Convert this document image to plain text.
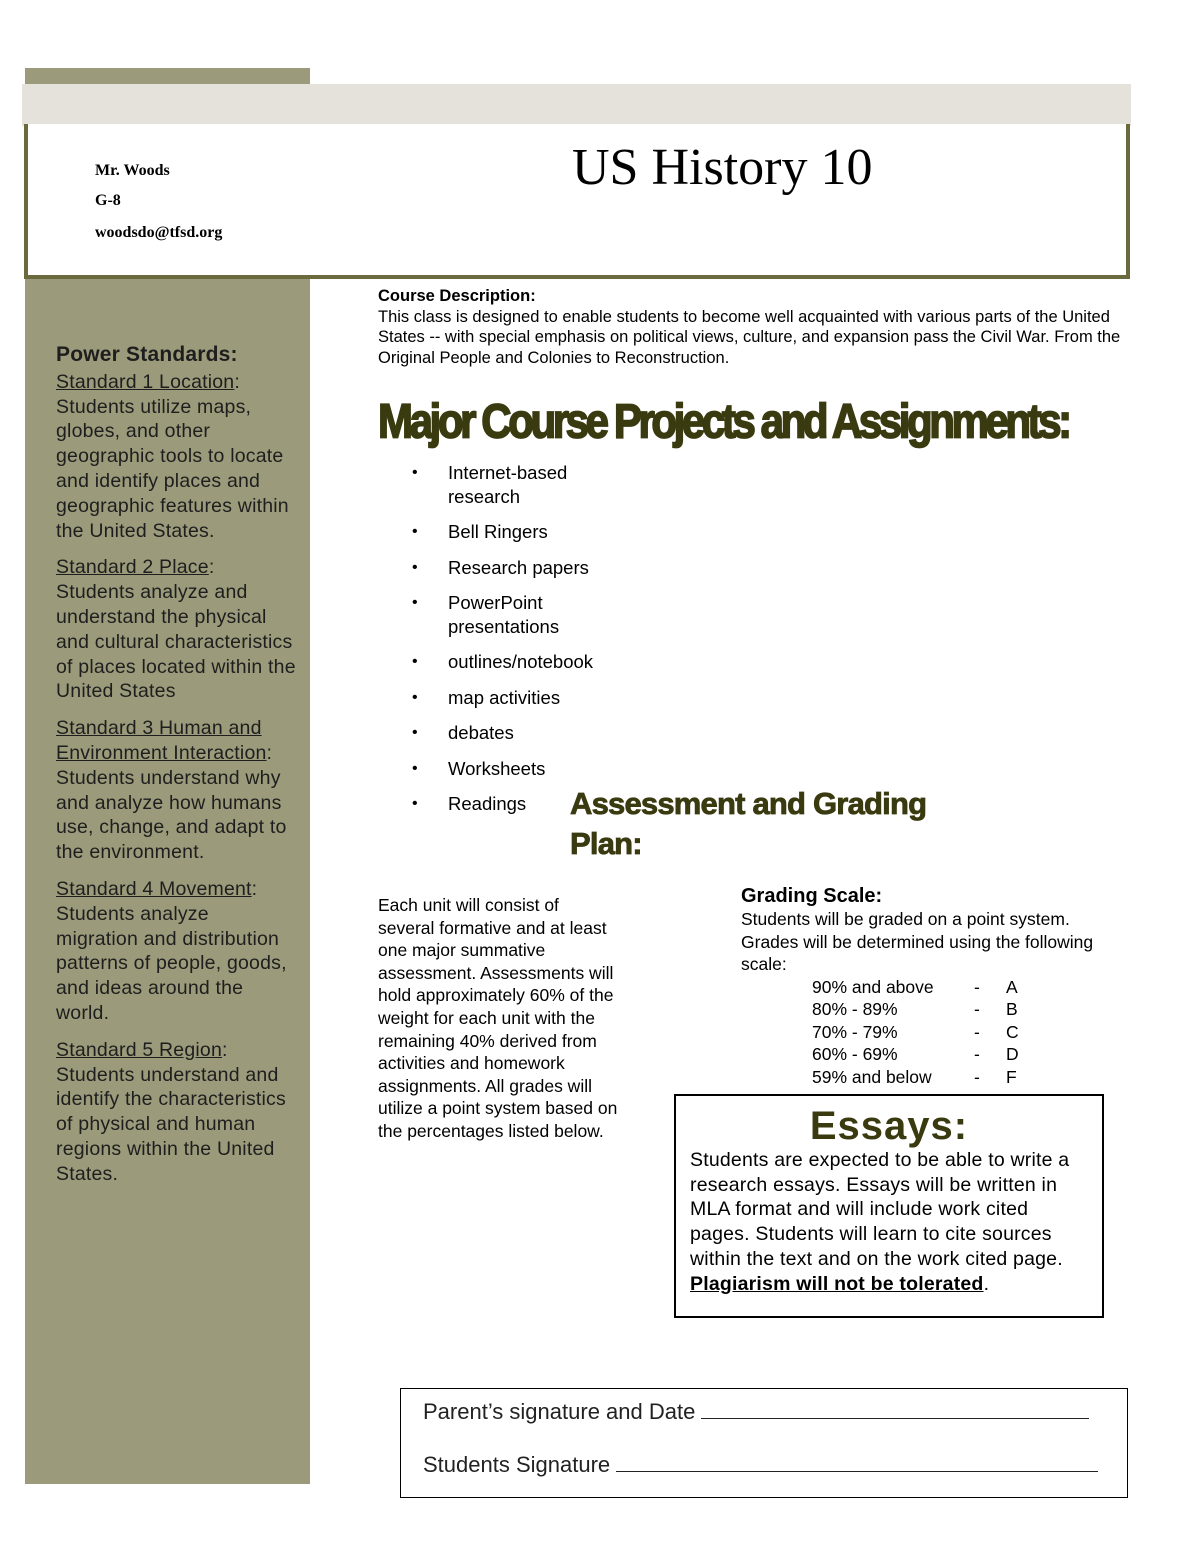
Mr. Woods
G-8
woodsdo@tfsd.org
US History 10
Power Standards:

Standard 1 Location: Students utilize maps, globes, and other geographic tools to locate and identify places and geographic features within the United States.

Standard 2 Place: Students analyze and understand the physical and cultural characteristics of places located within the United States

Standard 3 Human and Environment Interaction: Students understand why and analyze how humans use, change, and adapt to the environment.

Standard 4 Movement: Students analyze migration and distribution patterns of people, goods, and ideas around the world.

Standard 5 Region: Students understand and identify the characteristics of physical and human regions within the United States.

Course Description:
This class is designed to enable students to become well acquainted with various parts of the United States -- with special emphasis on political views, culture, and expansion pass the Civil War. From the Original People and Colonies to Reconstruction.
Major Course Projects and Assignments:
• Internet-based research
• Bell Ringers
• Research papers
• PowerPoint presentations
• outlines/notebook
• map activities
• debates
• Worksheets
• Readings	Assessment and Grading Plan:

Each unit will consist of several formative and at least one major summative assessment. Assessments will hold approximately 60% of the weight for each unit with the remaining 40% derived from activities and homework assignments. All grades will utilize a point system based on the percentages listed below.

Grading Scale:
Students will be graded on a point system. Grades will be determined using the following scale:
90% and above	-	A
80% - 89%	-	B
70% - 79%	-	C
60% - 69%	-	D
59% and below	-	F
Essays:

Students are expected to be able to write a research essays. Essays will be written in MLA format and will include work cited pages. Students will learn to cite sources within the text and on the work cited page. Plagiarism will not be tolerated.

Parent’s signature and Date
Students Signature
